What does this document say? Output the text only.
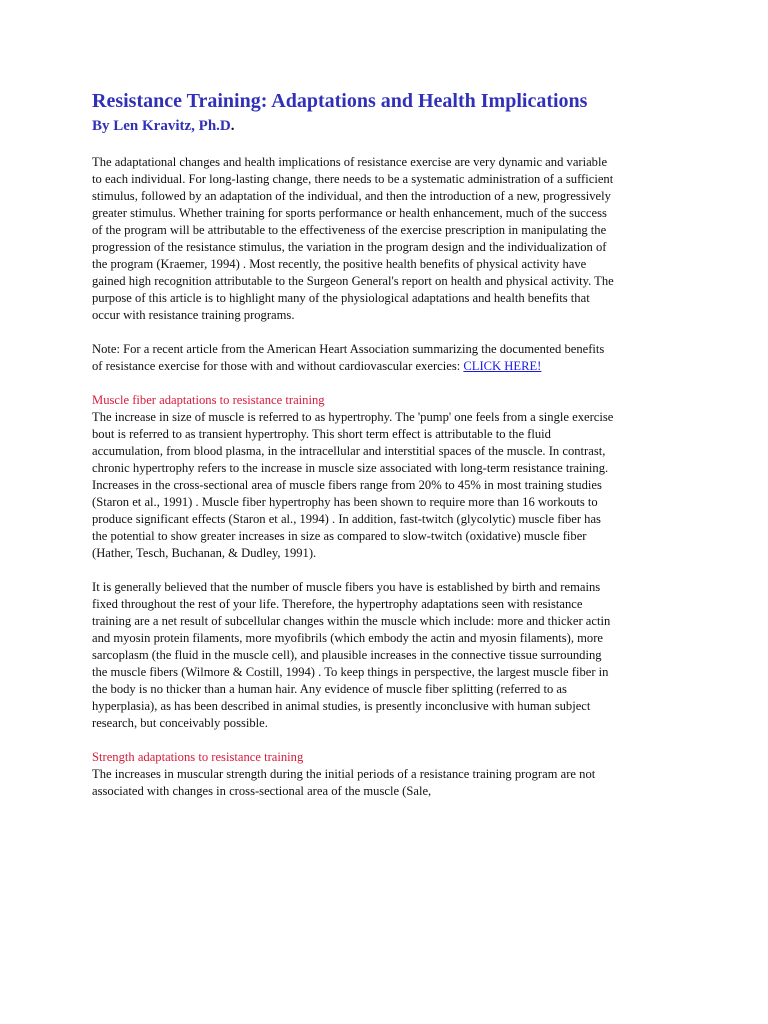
Resistance Training: Adaptations and Health Implications
By Len Kravitz, Ph.D.

The adaptational changes and health implications of resistance exercise are very dynamic and variable to each individual. For long-lasting change, there needs to be a systematic administration of a sufficient stimulus, followed by an adaptation of the individual, and then the introduction of a new, progressively greater stimulus. Whether training for sports performance or health enhancement, much of the success of the program will be attributable to the effectiveness of the exercise prescription in manipulating the progression of the resistance stimulus, the variation in the program design and the individualization of the program (Kraemer, 1994) . Most recently, the positive health benefits of physical activity have gained high recognition attributable to the Surgeon General's report on health and physical activity. The purpose of this article is to highlight many of the physiological adaptations and health benefits that occur with resistance training programs.

Note: For a recent article from the American Heart Association summarizing the documented benefits of resistance exercise for those with and without cardiovascular exercies: CLICK HERE!

Muscle fiber adaptations to resistance training

The increase in size of muscle is referred to as hypertrophy. The 'pump' one feels from a single exercise bout is referred to as transient hypertrophy. This short term effect is attributable to the fluid accumulation, from blood plasma, in the intracellular and interstitial spaces of the muscle. In contrast, chronic hypertrophy refers to the increase in muscle size associated with long-term resistance training. Increases in the cross-sectional area of muscle fibers range from 20% to 45% in most training studies (Staron et al., 1991) . Muscle fiber hypertrophy has been shown to require more than 16 workouts to produce significant effects (Staron et al., 1994) . In addition, fast-twitch (glycolytic) muscle fiber has the potential to show greater increases in size as compared to slow-twitch (oxidative) muscle fiber (Hather, Tesch, Buchanan, & Dudley, 1991).

It is generally believed that the number of muscle fibers you have is established by birth and remains fixed throughout the rest of your life. Therefore, the hypertrophy adaptations seen with resistance training are a net result of subcellular changes within the muscle which include: more and thicker actin and myosin protein filaments, more myofibrils (which embody the actin and myosin filaments), more sarcoplasm (the fluid in the muscle cell), and plausible increases in the connective tissue surrounding the muscle fibers (Wilmore & Costill, 1994) . To keep things in perspective, the largest muscle fiber in the body is no thicker than a human hair. Any evidence of muscle fiber splitting (referred to as hyperplasia), as has been described in animal studies, is presently inconclusive with human subject research, but conceivably possible.

Strength adaptations to resistance training

The increases in muscular strength during the initial periods of a resistance training program are not associated with changes in cross-sectional area of the muscle (Sale,
